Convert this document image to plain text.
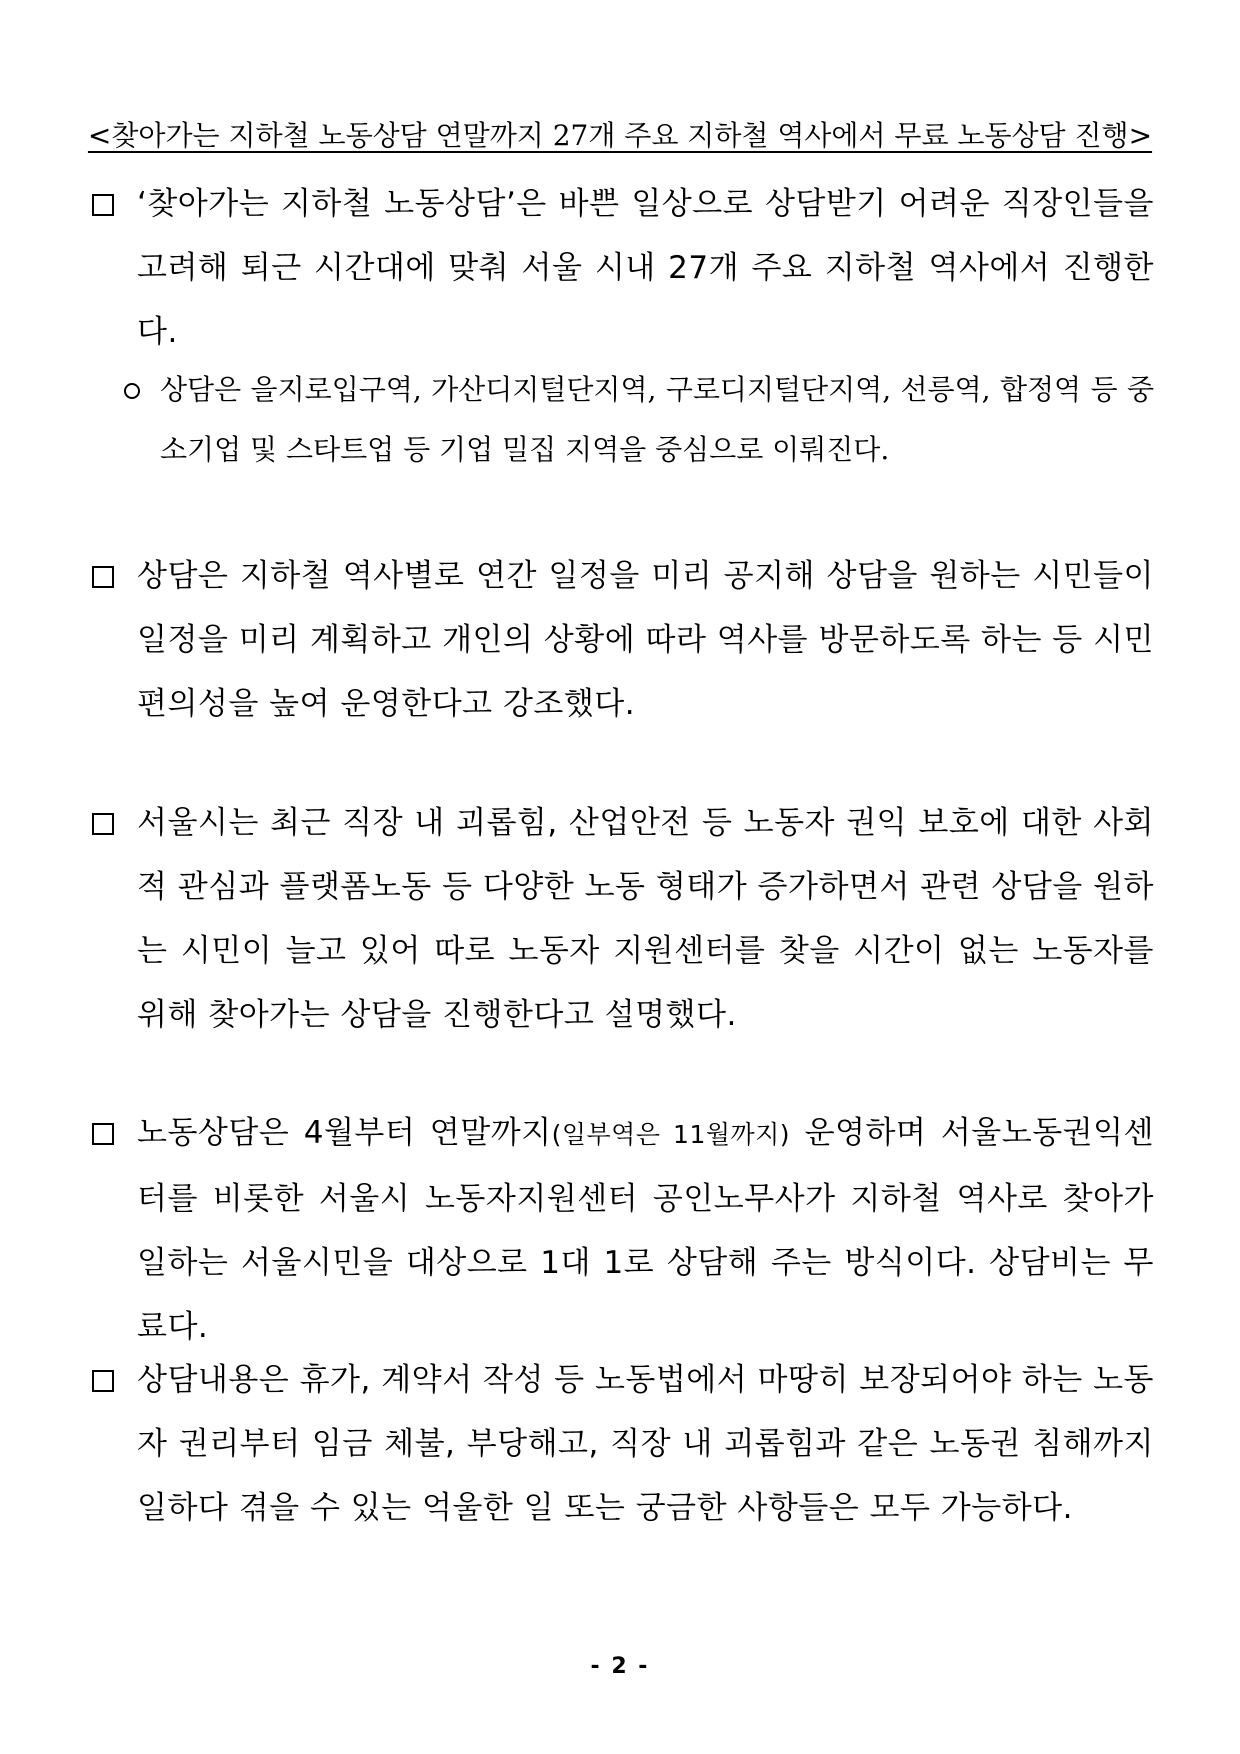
<찾아가는 지하철 노동상담 연말까지 27개 주요 지하철 역사에서 무료 노동상담 진행>
‘찾아가는 지하철 노동상담’은 바쁜 일상으로 상담받기 어려운 직장인들을 고려해 퇴근 시간대에 맞춰 서울 시내 27개 주요 지하철 역사에서 진행한다.
상담은 을지로입구역, 가산디지털단지역, 구로디지털단지역, 선릉역, 합정역 등 중소기업 및 스타트업 등 기업 밀집 지역을 중심으로 이뤄진다.
상담은 지하철 역사별로 연간 일정을 미리 공지해 상담을 원하는 시민들이 일정을 미리 계획하고 개인의 상황에 따라 역사를 방문하도록 하는 등 시민 편의성을 높여 운영한다고 강조했다.
서울시는 최근 직장 내 괴롭힘, 산업안전 등 노동자 권익 보호에 대한 사회적 관심과 플랫폼노동 등 다양한 노동 형태가 증가하면서 관련 상담을 원하는 시민이 늘고 있어 따로 노동자 지원센터를 찾을 시간이 없는 노동자를 위해 찾아가는 상담을 진행한다고 설명했다.
노동상담은 4월부터 연말까지(일부역은 11월까지) 운영하며 서울노동권익센터를 비롯한 서울시 노동자지원센터 공인노무사가 지하철 역사로 찾아가 일하는 서울시민을 대상으로 1대 1로 상담해 주는 방식이다. 상담비는 무료다.
상담내용은 휴가, 계약서 작성 등 노동법에서 마땅히 보장되어야 하는 노동자 권리부터 임금 체불, 부당해고, 직장 내 괴롭힘과 같은 노동권 침해까지 일하다 겪을 수 있는 억울한 일 또는 궁금한 사항들은 모두 가능하다.
- 2 -
